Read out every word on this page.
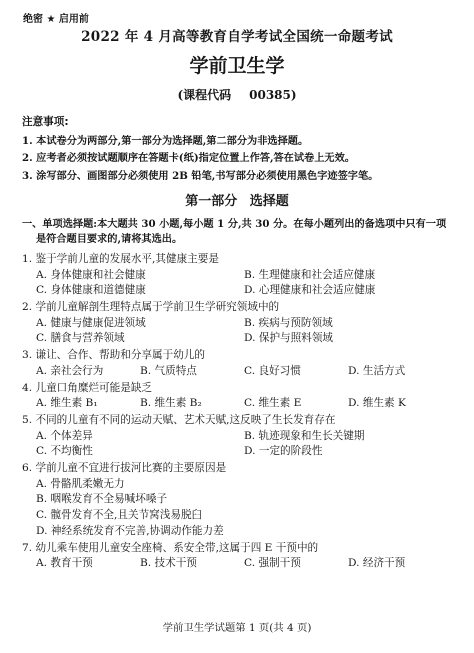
绝密 ★ 启用前
2022 年 4 月高等教育自学考试全国统一命题考试
学前卫生学
(课程代码 00385)
注意事项:
1. 本试卷分为两部分,第一部分为选择题,第二部分为非选择题。
2. 应考者必须按试题顺序在答题卡(纸)指定位置上作答,答在试卷上无效。
3. 涂写部分、画图部分必须使用 2B 铅笔,书写部分必须使用黑色字迹签字笔。
第一部分 选择题
一、单项选择题:本大题共 30 小题,每小题 1 分,共 30 分。在每小题列出的备选项中只有一项
是符合题目要求的,请将其选出。
1. 鉴于学前儿童的发展水平,其健康主要是
A. 身体健康和社会健康	B. 生理健康和社会适应健康
C. 身体健康和道德健康	D. 心理健康和社会适应健康
2. 学前儿童解剖生理特点属于学前卫生学研究领域中的
A. 健康与健康促进领域	B. 疾病与预防领域
C. 膳食与营养领域	D. 保护与照料领域
3. 谦让、合作、帮助和分享属于幼儿的
A. 亲社会行为	B. 气质特点	C. 良好习惯	D. 生活方式
4. 儿童口角糜烂可能是缺乏
A. 维生素 B₁	B. 维生素 B₂	C. 维生素 E	D. 维生素 K
5. 不同的儿童有不同的运动天赋、艺术天赋,这反映了生长发育存在
A. 个体差异	B. 轨迹现象和生长关键期
C. 不均衡性	D. 一定的阶段性
6. 学前儿童不宜进行拔河比赛的主要原因是
A. 骨骼肌柔嫩无力
B. 咽喉发育不全易喊坏嗓子
C. 髋骨发育不全,且关节窝浅易脱臼
D. 神经系统发育不完善,协调动作能力差
7. 幼儿乘车使用儿童安全座椅、系安全带,这属于四 E 干预中的
A. 教育干预	B. 技术干预	C. 强制干预	D. 经济干预
学前卫生学试题第 1 页(共 4 页)
